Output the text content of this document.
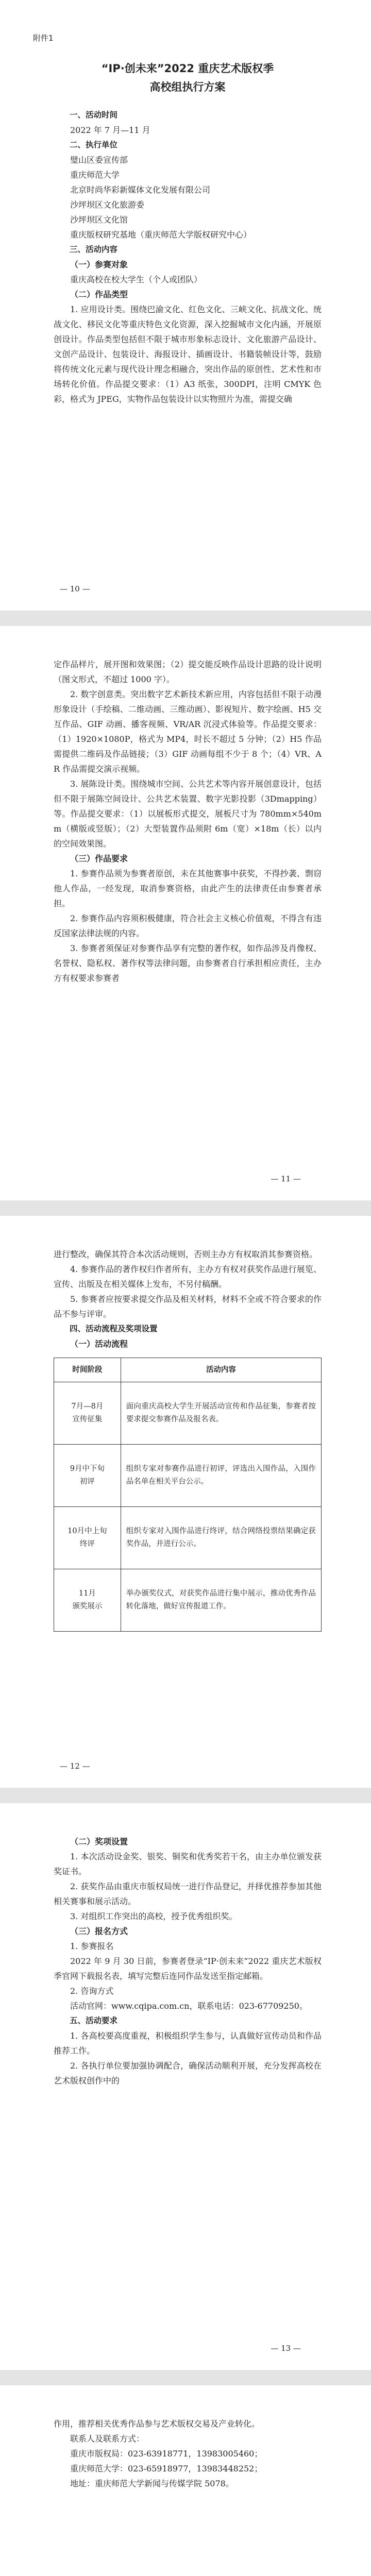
附件1
“IP·创未来”2022 重庆艺术版权季
高校组执行方案

一、活动时间

2022 年 7 月—11 月

二、执行单位

璧山区委宣传部

重庆师范大学

北京时尚华彩新媒体文化发展有限公司

沙坪坝区文化旅游委

沙坪坝区文化馆

重庆版权研究基地（重庆师范大学版权研究中心）

三、活动内容

（一）参赛对象

重庆高校在校大学生（个人或团队）

（二）作品类型

1. 应用设计类。围绕巴渝文化、红色文化、三峡文化、抗战文化、统战文化、移民文化等重庆特色文化资源，深入挖掘城市文化内涵，开展原创设计。作品类型包括但不限于城市形象标志设计、文化旅游产品设计、文创产品设计、包装设计、海报设计、插画设计、书籍装帧设计等，鼓励将传统文化元素与现代设计理念相融合，突出作品的原创性、艺术性和市场转化价值。作品提交要求：（1）A3 纸张，300DPI，注明 CMYK 色彩，格式为 JPEG，实物作品包装设计以实物照片为准，需提交确

— 10 —

定作品样片，展开图和效果图；（2）提交能反映作品设计思路的设计说明（图文形式，不超过 1000 字）。

2. 数字创意类。突出数字艺术新技术新应用，内容包括但不限于动漫形象设计（手绘稿、二维动画、三维动画）、影视短片、数字绘画、H5 交互作品、GIF 动画、播客视频、VR/AR 沉浸式体验等。作品提交要求：（1）1920×1080P，格式为 MP4，时长不超过 5 分钟；（2）H5 作品需提供二维码及作品链接；（3）GIF 动画每组不少于 8 个；（4）VR、AR 作品需提交演示视频。

3. 展陈设计类。围绕城市空间、公共艺术等内容开展创意设计，包括但不限于展陈空间设计、公共艺术装置、数字光影投影（3Dmapping）等。作品提交要求：（1）以展板形式提交，展板尺寸为 780mm×540mm（横版或竖版）；（2）大型装置作品须附 6m（宽）×18m（长）以内的空间效果图。

（三）作品要求

1. 参赛作品须为参赛者原创，未在其他赛事中获奖，不得抄袭、剽窃他人作品，一经发现，取消参赛资格，由此产生的法律责任由参赛者承担。

2. 参赛作品内容须积极健康，符合社会主义核心价值观，不得含有违反国家法律法规的内容。

3. 参赛者须保证对参赛作品享有完整的著作权，如作品涉及肖像权、名誉权、隐私权、著作权等法律问题，由参赛者自行承担相应责任，主办方有权要求参赛者

— 11 —

进行整改，确保其符合本次活动规则，否则主办方有权取消其参赛资格。

4. 参赛作品的著作权归作者所有，主办方有权对获奖作品进行展览、宣传、出版及在相关媒体上发布，不另付稿酬。

5. 参赛者应按要求提交作品及相关材料，材料不全或不符合要求的作品不参与评审。

四、活动流程及奖项设置

（一）活动流程

时间阶段	活动内容

7月—8月
宣传征集	面向重庆高校大学生开展活动宣传和作品征集，参赛者按要求提交参赛作品及报名表。

9月中下旬
初评	组织专家对参赛作品进行初评，评选出入围作品，入围作品名单在相关平台公示。

10月中上旬
终评	组织专家对入围作品进行终评，结合网络投票结果确定获奖作品，并进行公示。

11月
颁奖展示	举办颁奖仪式，对获奖作品进行集中展示，推动优秀作品转化落地，做好宣传报道工作。
— 12 —

（二）奖项设置

1. 本次活动设金奖、银奖、铜奖和优秀奖若干名，由主办单位颁发获奖证书。

2. 获奖作品由重庆市版权局统一进行作品登记，并择优推荐参加其他相关赛事和展示活动。

3. 对组织工作突出的高校，授予优秀组织奖。

（三）报名方式

1. 参赛报名

2022 年 9 月 30 日前，参赛者登录“IP·创未来”2022 重庆艺术版权季官网下载报名表，填写完整后连同作品发送至指定邮箱。

2. 咨询方式

活动官网：www.cqipa.com.cn，联系电话：023-67709250。

五、活动要求

1. 各高校要高度重视，积极组织学生参与，认真做好宣传动员和作品推荐工作。

2. 各执行单位要加强协调配合，确保活动顺利开展，充分发挥高校在艺术版权创作中的

— 13 —

作用，推荐相关优秀作品参与艺术版权交易及产业转化。

联系人及联系方式：

重庆市版权局：023-63918771，13983005460；

重庆师范大学：023-65918977，13983448252；

地址：重庆师范大学新闻与传媒学院 5078。
